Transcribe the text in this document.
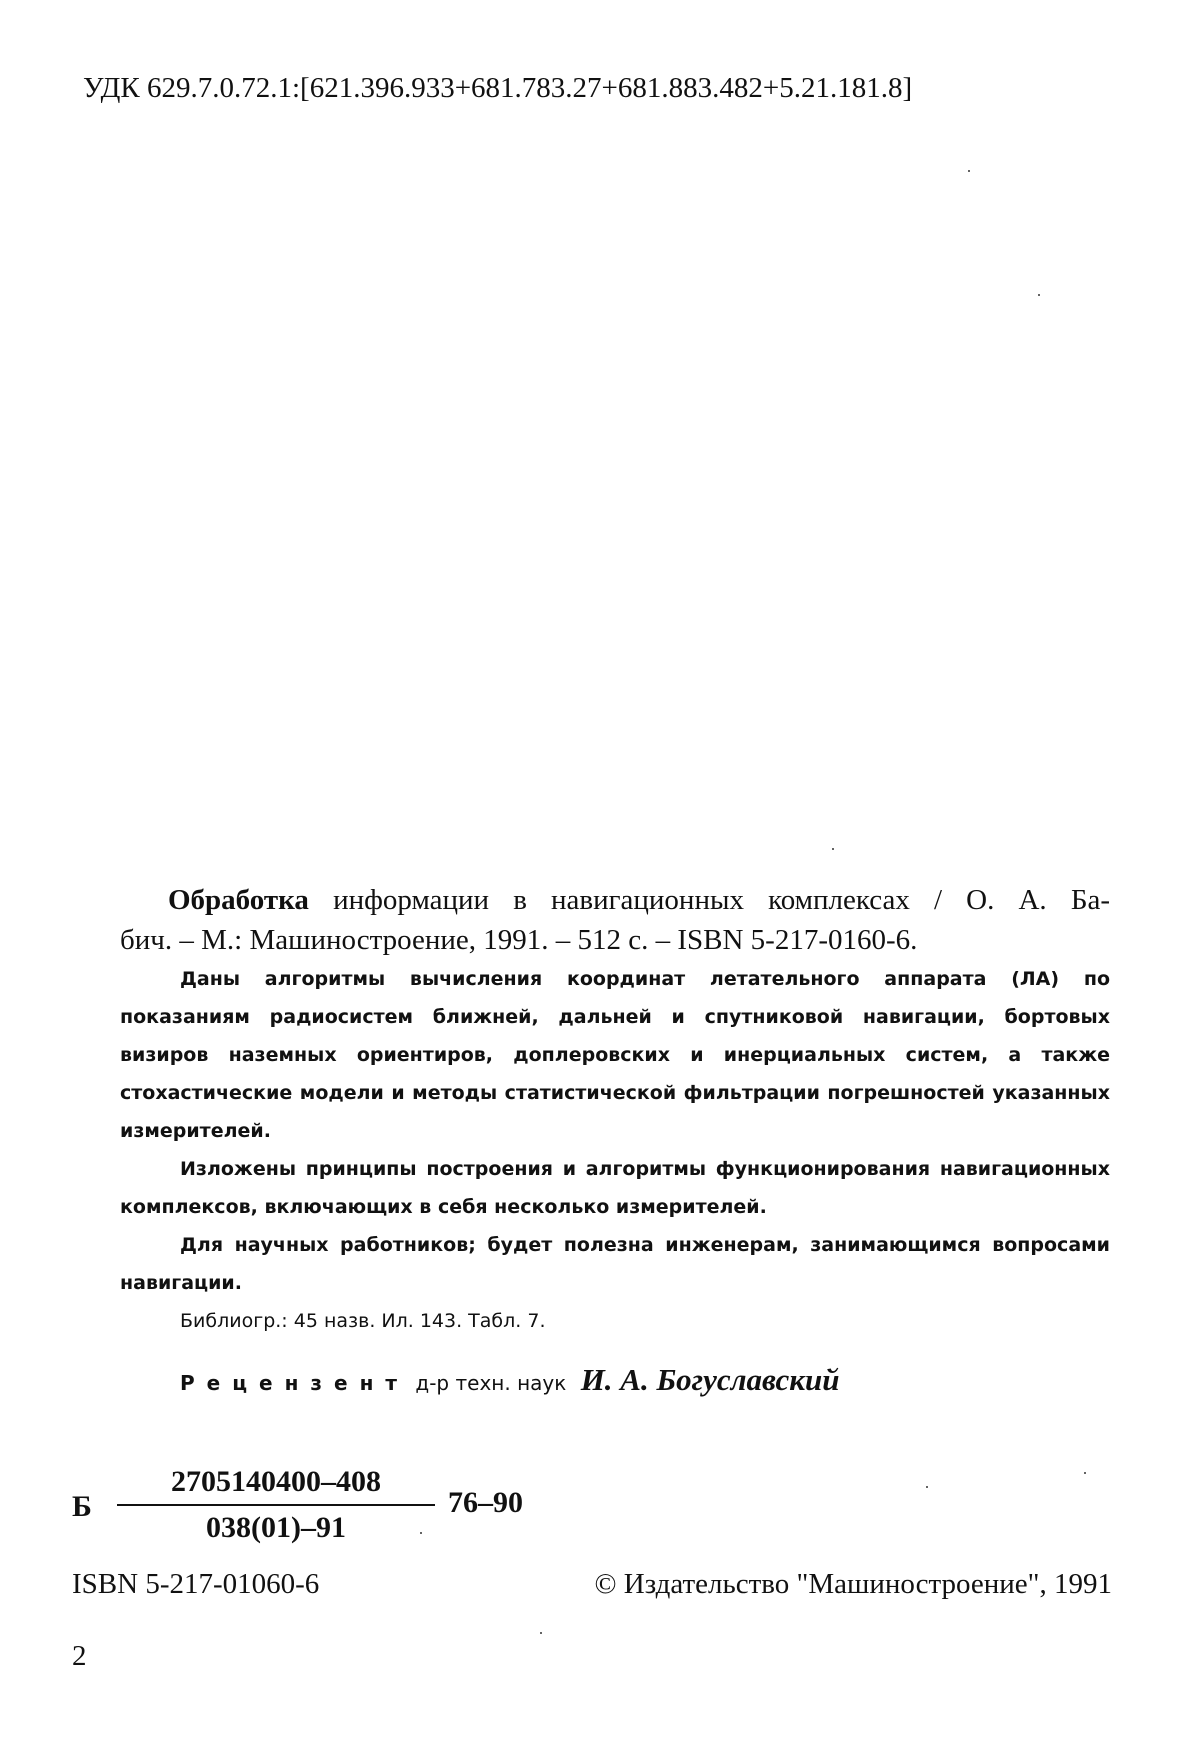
УДК 629.7.0.72.1:[621.396.933+681.783.27+681.883.482+5.21.181.8]
Обработка информации в навигационных комплексах / О. А. Ба-
бич. – М.: Машиностроение, 1991. – 512 с. – ISBN 5-217-0160-6.
Даны алгоритмы вычисления координат летательного аппарата (ЛА) по показаниям радиосистем ближней, дальней и спутниковой навигации, бортовых визиров наземных ориентиров, доплеровских и инерциальных систем, а также стохастические модели и методы статистической фильтрации погрешностей указанных измерителей.
Изложены принципы построения и алгоритмы функционирования навигационных комплексов, включающих в себя несколько измерителей.
Для научных работников; будет полезна инженерам, занимающимся вопросами навигации.
Библиогр.: 45 назв. Ил. 143. Табл. 7.
Рецензент д-р техн. наук И. А. Богуславский
Б
2705140400–408
038(01)–91
76–90
ISBN 5-217-01060-6	© Издательство "Машиностроение", 1991
2
